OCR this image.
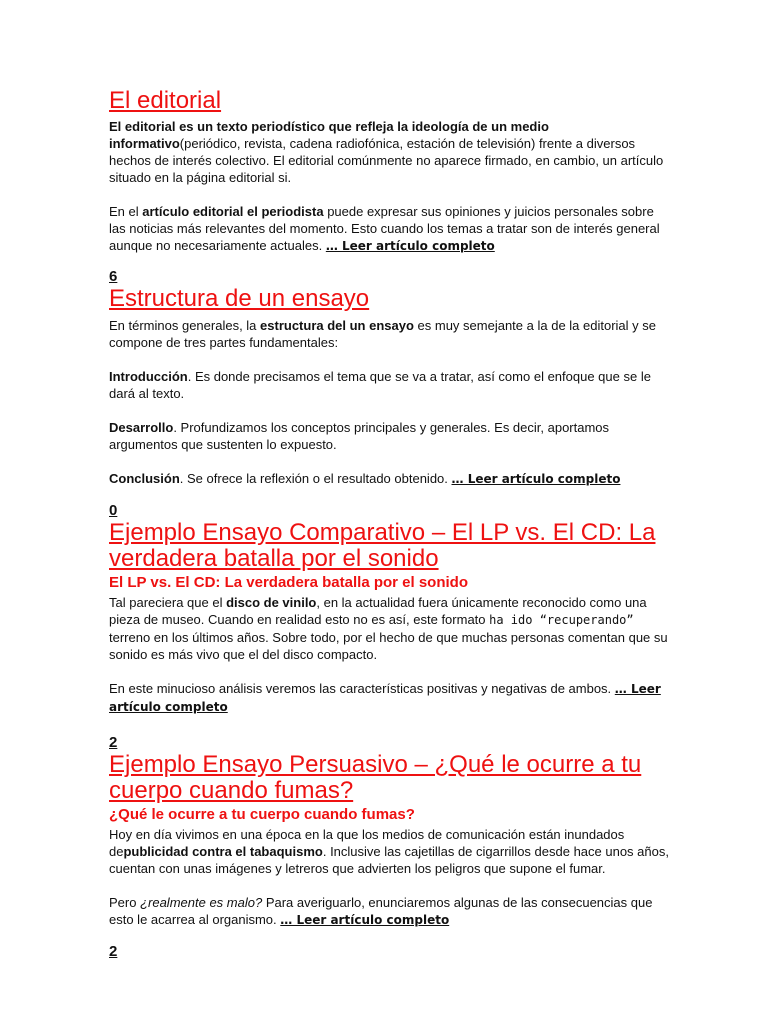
El editorial

El editorial es un texto periodístico que refleja la ideología de un medio informativo(periódico, revista, cadena radiofónica, estación de televisión) frente a diversos hechos de interés colectivo. El editorial comúnmente no aparece firmado, en cambio, un artículo situado en la página editorial si.

En el artículo editorial el periodista puede expresar sus opiniones y juicios personales sobre las noticias más relevantes del momento. Esto cuando los temas a tratar son de interés general aunque no necesariamente actuales. … Leer artículo completo

6
Estructura de un ensayo

En términos generales, la estructura del un ensayo es muy semejante a la de la editorial y se compone de tres partes fundamentales:

Introducción. Es donde precisamos el tema que se va a tratar, así como el enfoque que se le dará al texto.

Desarrollo. Profundizamos los conceptos principales y generales. Es decir, aportamos argumentos que sustenten lo expuesto.

Conclusión. Se ofrece la reflexión o el resultado obtenido. … Leer artículo completo

0
Ejemplo Ensayo Comparativo – El LP vs. El CD: La verdadera batalla por el sonido
El LP vs. El CD: La verdadera batalla por el sonido

Tal pareciera que el disco de vinilo, en la actualidad fuera únicamente reconocido como una pieza de museo. Cuando en realidad esto no es así, este formato ha ido “recuperando” terreno en los últimos años. Sobre todo, por el hecho de que muchas personas comentan que su sonido es más vivo que el del disco compacto.

En este minucioso análisis veremos las características positivas y negativas de ambos. … Leer artículo completo

2
Ejemplo Ensayo Persuasivo – ¿Qué le ocurre a tu cuerpo cuando fumas?
¿Qué le ocurre a tu cuerpo cuando fumas?

Hoy en día vivimos en una época en la que los medios de comunicación están inundados depublicidad contra el tabaquismo. Inclusive las cajetillas de cigarrillos desde hace unos años, cuentan con unas imágenes y letreros que advierten los peligros que supone el fumar.

Pero ¿realmente es malo? Para averiguarlo, enunciaremos algunas de las consecuencias que esto le acarrea al organismo. … Leer artículo completo

2
